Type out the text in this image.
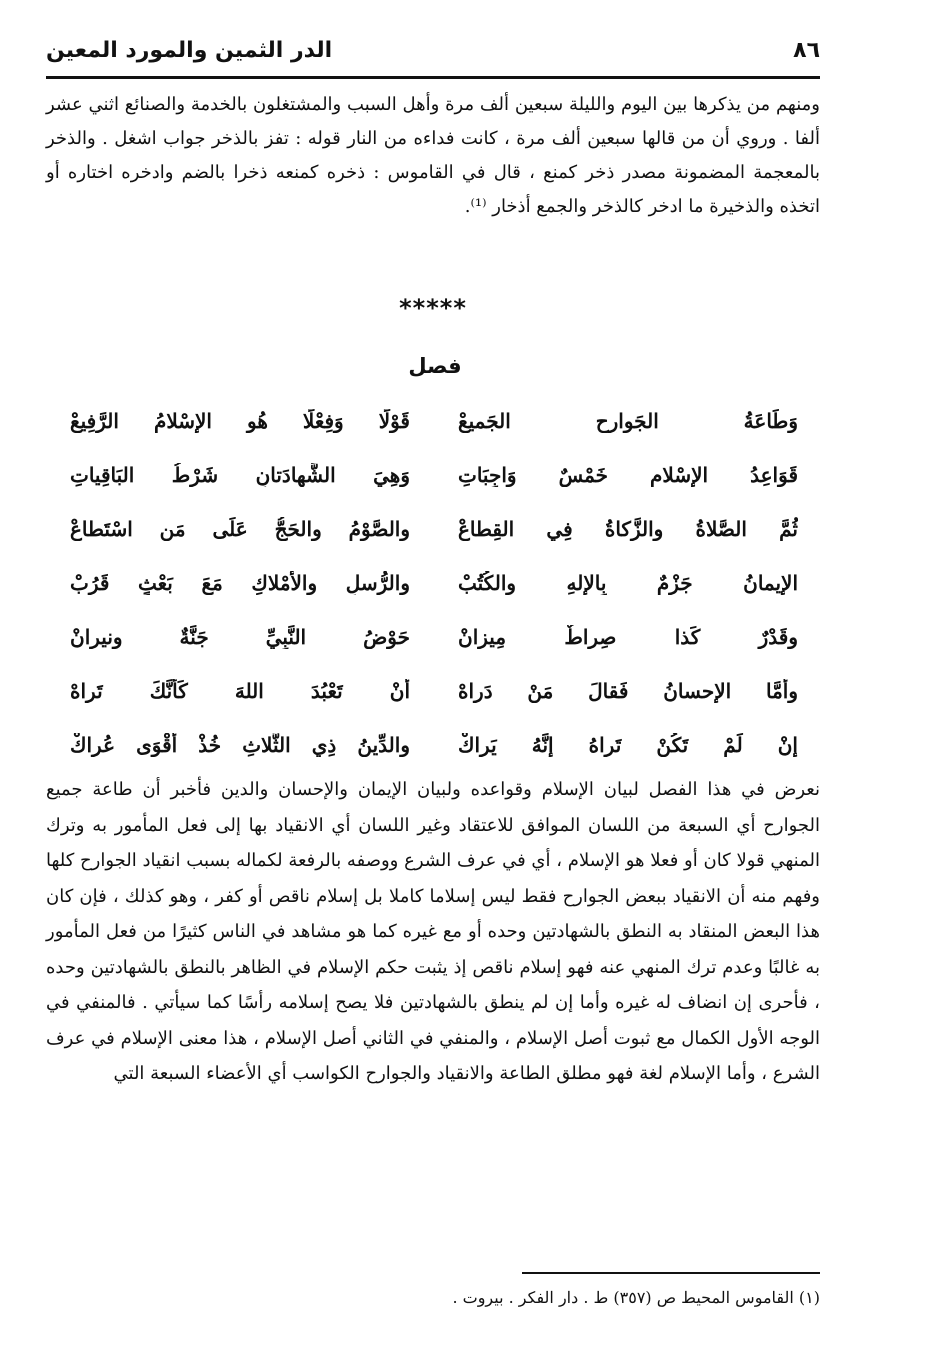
٨٦
الدر الثمين والمورد المعين
ومنهم من يذكرها بين اليوم والليلة سبعين ألف مرة وأهل السبب والمشتغلون بالخدمة والصنائع اثني عشر ألفا . وروي أن من قالها سبعين ألف مرة ، كانت فداءه من النار قوله : تفز بالذخر جواب اشغل . والذخر بالمعجمة المضمونة مصدر ذخر كمنع ، قال في القاموس : ذخره كمنعه ذخرا بالضم وادخره اختاره أو اتخذه والذخيرة ما ادخر كالذخر والجمع أذخار ⁽¹⁾.
*****
فصل
وَطَاعَةُ الجَوارِحِ الجَميعْ
قَوْلًا وَفِعْلًا هُو الإِسْلامُ الرَّفِيعْ
قَوَاعِدُ الإِسْلامِ خَمْسٌ وَاجِبَاتِ
وَهِيَ الشَّهادَتانِ شَرْطُ البَاقِياتِ
ثُمَّ الصَّلاةُ والزَّكاةُ فِي القِطاعْ
والصَّوْمُ والحَجُّ عَلَى مَنِ اسْتَطاعْ
الإِيمانُ جَزْمٌ بِالإِلهِ والكُتُبْ
والرُّسلِ والأَمْلاكِ مَعَ بَعْثٍ قَرُبْ
وقَدْرٌ كَذا صِراطٌ مِيزانْ
حَوْضُ النَّبِيِّ جَنَّةٌ ونيرانْ
وأَمَّا الإِحسانُ فَقالَ مَنْ دَراهْ
أَنْ تَعْبُدَ اللهَ كَأَنَّكَ تَراهْ
إِنْ لَمْ تَكُنْ تَراهُ إِنَّهُ يَراكْ
والدِّينُ ذِي الثَّلاثِ خُذْ أَقْوَى عُراكْ
نعرض في هذا الفصل لبيان الإسلام وقواعده ولبيان الإيمان والإحسان والدين فأخبر أن طاعة جميع الجوارح أي السبعة من اللسان الموافق للاعتقاد وغير اللسان أي الانقياد بها إلى فعل المأمور به وترك المنهي قولا كان أو فعلا هو الإسلام ، أي في عرف الشرع ووصفه بالرفعة لكماله بسبب انقياد الجوارح كلها وفهم منه أن الانقياد ببعض الجوارح فقط ليس إسلاما كاملا بل إسلام ناقص أو كفر ، وهو كذلك ، فإن كان هذا البعض المنقاد به النطق بالشهادتين وحده أو مع غيره كما هو مشاهد في الناس كثيرًا من فعل المأمور به غالبًا وعدم ترك المنهي عنه فهو إسلام ناقص إذ يثبت حكم الإسلام في الظاهر بالنطق بالشهادتين وحده ، فأحرى إن انضاف له غيره وأما إن لم ينطق بالشهادتين فلا يصح إسلامه رأسًا كما سيأتي . فالمنفي في الوجه الأول الكمال مع ثبوت أصل الإسلام ، والمنفي في الثاني أصل الإسلام ، هذا معنى الإسلام في عرف الشرع ، وأما الإسلام لغة فهو مطلق الطاعة والانقياد والجوارح الكواسب أي الأعضاء السبعة التي
(١) القاموس المحيط ص (٣٥٧) ط . دار الفكر . بيروت .
